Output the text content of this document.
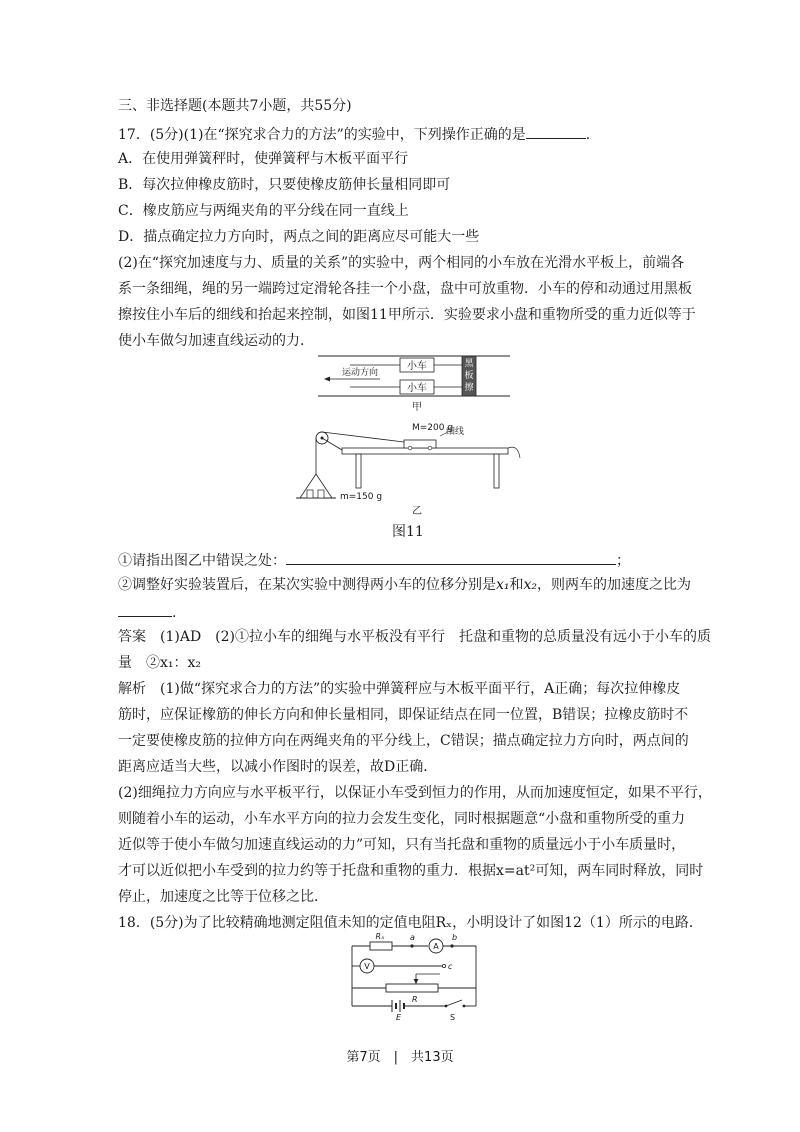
三、非选择题(本题共7小题，共55分)
17．(5分)(1)在“探究求合力的方法”的实验中，下列操作正确的是	.
A．在使用弹簧秤时，使弹簧秤与木板平面平行
B．每次拉伸橡皮筋时，只要使橡皮筋伸长量相同即可
C．橡皮筋应与两绳夹角的平分线在同一直线上
D．描点确定拉力方向时，两点之间的距离应尽可能大一些
(2)在“探究加速度与力、质量的关系”的实验中，两个相同的小车放在光滑水平板上，前端各
系一条细绳，绳的另一端跨过定滑轮各挂一个小盘，盘中可放重物．小车的停和动通过用黑板
擦按住小车后的细线和抬起来控制，如图11甲所示．实验要求小盘和重物所受的重力近似等于
使小车做匀加速直线运动的力．
小车
小车
黑
板
擦
运动方向
甲
M=200 g
细线
m=150 g
乙
图11
①请指出图乙中错误之处：	；
②调整好实验装置后，在某次实验中测得两小车的位移分别是x₁和x₂，则两车的加速度之比为
.
答案　(1)AD　(2)①拉小车的细绳与水平板没有平行　托盘和重物的总质量没有远小于小车的质
量　②x₁：x₂
解析　(1)做“探究求合力的方法”的实验中弹簧秤应与木板平面平行，A正确；每次拉伸橡皮
筋时，应保证橡筋的伸长方向和伸长量相同，即保证结点在同一位置，B错误；拉橡皮筋时不
一定要使橡皮筋的拉伸方向在两绳夹角的平分线上，C错误；描点确定拉力方向时，两点间的
距离应适当大些，以减小作图时的误差，故D正确．
(2)细绳拉力方向应与水平板平行，以保证小车受到恒力的作用，从而加速度恒定，如果不平行，
则随着小车的运动，小车水平方向的拉力会发生变化，同时根据题意“小盘和重物所受的重力
近似等于使小车做匀加速直线运动的力”可知，只有当托盘和重物的质量远小于小车质量时，
才可以近似把小车受到的拉力约等于托盘和重物的重力．根据x=at²可知，两车同时释放，同时
停止，加速度之比等于位移之比．
18．(5分)为了比较精确地测定阻值未知的定值电阻Rₓ，小明设计了如图12（1）所示的电路．
Rₓ	a
A
b
V	c
R
E	S
第7页　|　共13页
